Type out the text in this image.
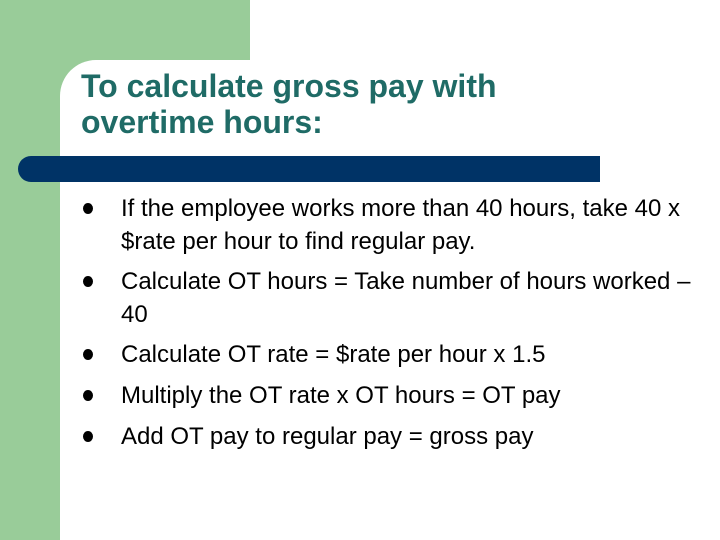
To calculate gross pay with
overtime hours:
If the employee works more than 40 hours, take 40 x $rate per hour to find regular pay.
Calculate OT hours = Take number of hours worked – 40
Calculate OT rate = $rate per hour x 1.5
Multiply the OT rate x OT hours = OT pay
Add OT pay to regular pay = gross pay
